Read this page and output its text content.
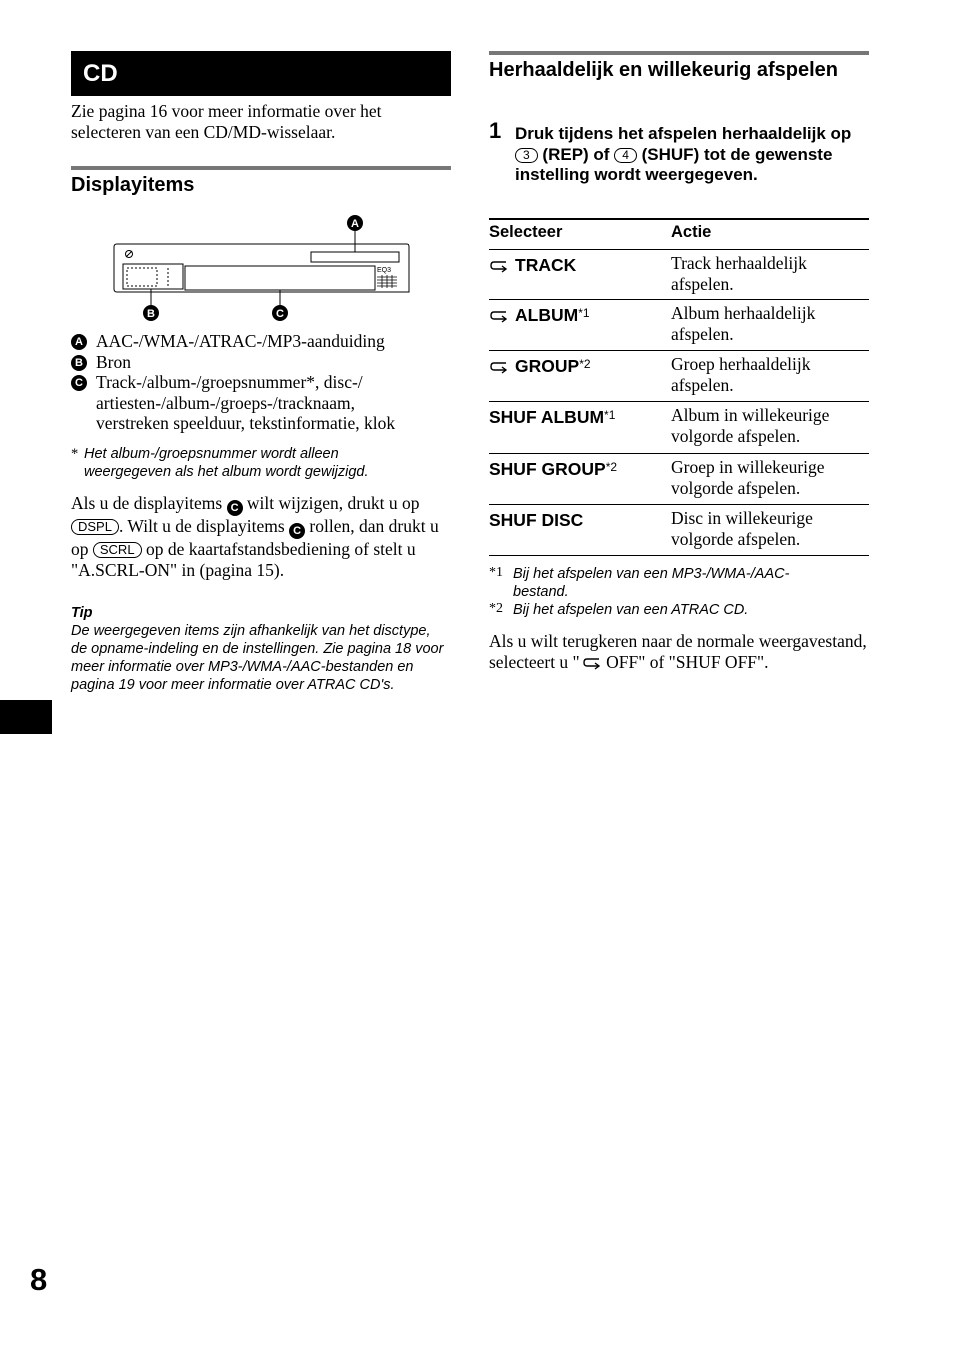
CD
Zie pagina 16 voor meer informatie over het selecteren van een CD/MD-wisselaar.
Displayitems
EQ3
A
B	C
A AAC-/WMA-/ATRAC-/MP3-aanduiding
B Bron
C Track-/album-/groepsnummer*, disc-/ artiesten-/album-/groeps-/tracknaam, verstreken speelduur, tekstinformatie, klok
* Het album-/groepsnummer wordt alleen weergegeven als het album wordt gewijzigd.
Als u de displayitems C wilt wijzigen, drukt u op DSPL . Wilt u de displayitems C rollen, dan drukt u op SCRL op de kaartafstandsbediening of stelt u "A.SCRL-ON" in (pagina 15).
Tip
De weergegeven items zijn afhankelijk van het disctype, de opname-indeling en de instellingen. Zie pagina 18 voor meer informatie over MP3-/WMA-/AAC-bestanden en pagina 19 voor meer informatie over ATRAC CD's.
Herhaaldelijk en willekeurig afspelen
1 Druk tijdens het afspelen herhaaldelijk op 3 (REP) of 4 (SHUF) tot de gewenste instelling wordt weergegeven.
Selecteer	Actie
TRACK	Track herhaaldelijk afspelen.
ALBUM$^{*1}$	Album herhaaldelijk afspelen.
GROUP$^{*2}$	Groep herhaaldelijk afspelen.
SHUF ALBUM$^{*1}$	Album in willekeurige volgorde afspelen.
SHUF GROUP$^{*2}$	Groep in willekeurige volgorde afspelen.
SHUF DISC	Disc in willekeurige volgorde afspelen.
*1 Bij het afspelen van een MP3-/WMA-/AAC-bestand.
*2 Bij het afspelen van een ATRAC CD.
Als u wilt terugkeren naar de normale weergavestand, selecteert u " OFF" of "SHUF OFF".
8
